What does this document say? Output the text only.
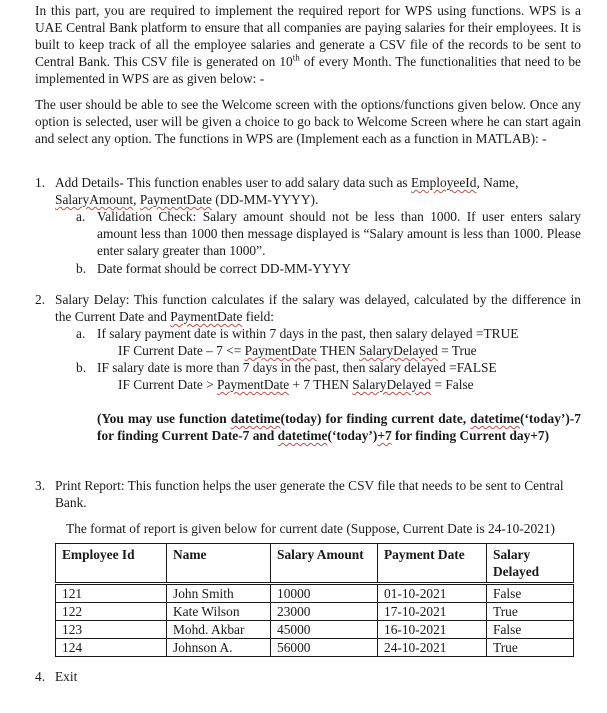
In this part, you are required to implement the required report for WPS using functions. WPS is a UAE Central Bank platform to ensure that all companies are paying salaries for their employees. It is built to keep track of all the employee salaries and generate a CSV file of the records to be sent to Central Bank. This CSV file is generated on 10th of every Month. The functionalities that need to be implemented in WPS are as given below: -

The user should be able to see the Welcome screen with the options/functions given below. Once any option is selected, user will be given a choice to go back to Welcome Screen where he can start again and select any option. The functions in WPS are (Implement each as a function in MATLAB): -

1. Add Details- This function enables user to add salary data such as EmployeeId, Name, SalaryAmount, PaymentDate (DD-MM-YYYY).

a. Validation Check: Salary amount should not be less than 1000. If user enters salary amount less than 1000 then message displayed is “Salary amount is less than 1000. Please enter salary greater than 1000”.

b. Date format should be correct DD-MM-YYYY

2. Salary Delay: This function calculates if the salary was delayed, calculated by the difference in the Current Date and PaymentDate field:

a. If salary payment date is within 7 days in the past, then salary delayed =TRUE

IF Current Date – 7 <= PaymentDate THEN SalaryDelayed = True

b. IF salary date is more than 7 days in the past, then salary delayed =FALSE

IF Current Date > PaymentDate + 7 THEN SalaryDelayed = False

(You may use function datetime(today) for finding current date, datetime(‘today’)-7 for finding Current Date-7 and datetime(‘today’)+7 for finding Current day+7)

3. Print Report: This function helps the user generate the CSV file that needs to be sent to Central Bank.

The format of report is given below for current date (Suppose, Current Date is 24-10-2021)

Employee Id	Name	Salary Amount	Payment Date	Salary Delayed
121	John Smith	10000	01-10-2021	False
122	Kate Wilson	23000	17-10-2021	True
123	Mohd. Akbar	45000	16-10-2021	False
124	Johnson A.	56000	24-10-2021	True
4. Exit
